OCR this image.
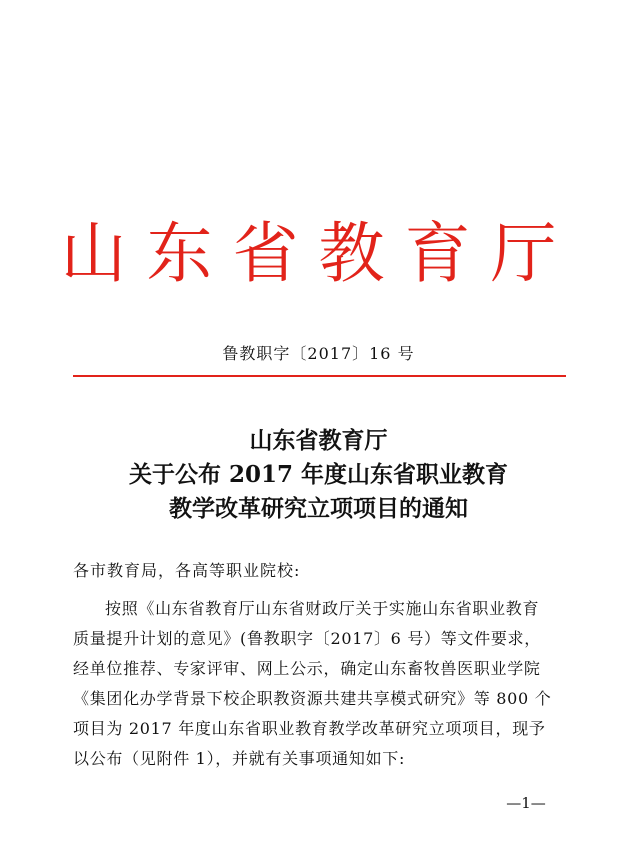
山东省教育厅
鲁教职字〔2017〕16 号
山东省教育厅
关于公布 2017 年度山东省职业教育
教学改革研究立项项目的通知
各市教育局，各高等职业院校:
按照《山东省教育厅山东省财政厅关于实施山东省职业教育
质量提升计划的意见》(鲁教职字〔2017〕6 号）等文件要求，
经单位推荐、专家评审、网上公示，确定山东畜牧兽医职业学院
《集团化办学背景下校企职教资源共建共享模式研究》等 800 个
项目为 2017 年度山东省职业教育教学改革研究立项项目，现予
以公布（见附件 1），并就有关事项通知如下:
—1—
